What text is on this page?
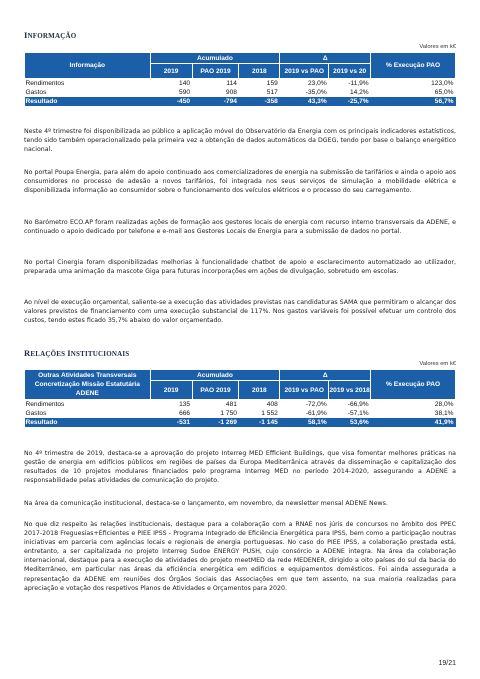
INFORMAÇÃO
Valores em k€
Informação	Acumulado			Δ		% Execução PAO
	2019	PAO 2019	2018	2019 vs PAO	2019 vs 20	
Rendimentos	140	114	159	23,0%	-11,9%	123,0%
Gastos	590	908	517	-35,0%	14,2%	65,0%
Resultado	-450	-794	-358	43,3%	-25,7%	56,7%

Neste 4º trimestre foi disponibilizada ao público a aplicação móvel do Observatório da Energia com os principais indicadores estatísticos, tendo sido também operacionalizado pela primeira vez a obtenção de dados automáticos da DGEG, tendo por base o balanço energético nacional.

No portal Poupa Energia, para além do apoio continuado aos comercializadores de energia na submissão de tarifários e ainda o apoio aos consumidores no processo de adesão a novos tarifários, foi integrada nos seus serviços de simulação a mobilidade elétrica e disponibilizada informação ao consumidor sobre o funcionamento dos veículos elétricos e o processo do seu carregamento.

No Barómetro ECO.AP foram realizadas ações de formação aos gestores locais de energia com recurso interno transversais da ADENE, e continuado o apoio dedicado por telefone e e-mail aos Gestores Locais de Energia para a submissão de dados no portal.

No portal Cinergia foram disponibilizadas melhorias à funcionalidade chatbot de apoio e esclarecimento automatizado ao utilizador, preparada uma animação da mascote Giga para futuras incorporações em ações de divulgação, sobretudo em escolas.

Ao nível de execução orçamental, saliente-se a execução das atividades previstas nas candidaturas SAMA que permitiram o alcançar dos valores previstos de financiamento com uma execução substancial de 117%. Nos gastos variáveis foi possível efetuar um controlo dos custos, tendo estes ficado 35,7% abaixo do valor orçamentado.

RELAÇÕES INSTITUCIONAIS
Valores em k€
Outras Atividades Transversais Concretização Missão Estatutária ADENE	Acumulado			Δ		% Execução PAO
	2019	PAO 2019	2018	2019 vs PAO	2019 vs 2018	
Rendimentos	135	481	408	-72,0%	-66,9%	28,0%
Gastos	666	1 750	1 552	-61,9%	-57,1%	38,1%
Resultado	-531	-1 269	-1 145	58,1%	53,6%	41,9%

No 4º trimestre de 2019, destaca-se a aprovação do projeto Interreg MED Efficient Buildings, que visa fomentar melhores práticas na gestão de energia em edifícios públicos em regiões de países da Europa Mediterrânica através da disseminação e capitalização dos resultados de 10 projetos modulares financiados pelo programa Interreg MED no período 2014-2020, assegurando a ADENE a responsabilidade pelas atividades de comunicação do projeto.

Na área da comunicação institucional, destaca-se o lançamento, em novembro, da newsletter mensal ADENE News.

No que diz respeito às relações institucionais, destaque para a colaboração com a RNAE nos júris de concursos no âmbito dos PPEC 2017-2018 Freguesias+Eficientes e PIEE IPSS - Programa Integrado de Eficiência Energética para IPSS, bem como a participação noutras iniciativas em parceria com agências locais e regionais de energia portuguesas. No caso do PIEE IPSS, a colaboração prestada está, entretanto, a ser capitalizada no projeto Interreg Sudoe ENERGY PUSH, cujo consórcio a ADENE integra. Na área da colaboração internacional, destaque para a execução de atividades do projeto meetMED da rede MEDENER, dirigido a oito países do sul da bacia do Mediterrâneo, em particular nas áreas da eficiência energética em edifícios e equipamentos domésticos. Foi ainda assegurada a representação da ADENE em reuniões dos Órgãos Sociais das Associações em que tem assento, na sua maioria realizadas para apreciação e votação dos respetivos Planos de Atividades e Orçamentos para 2020.

19/21
